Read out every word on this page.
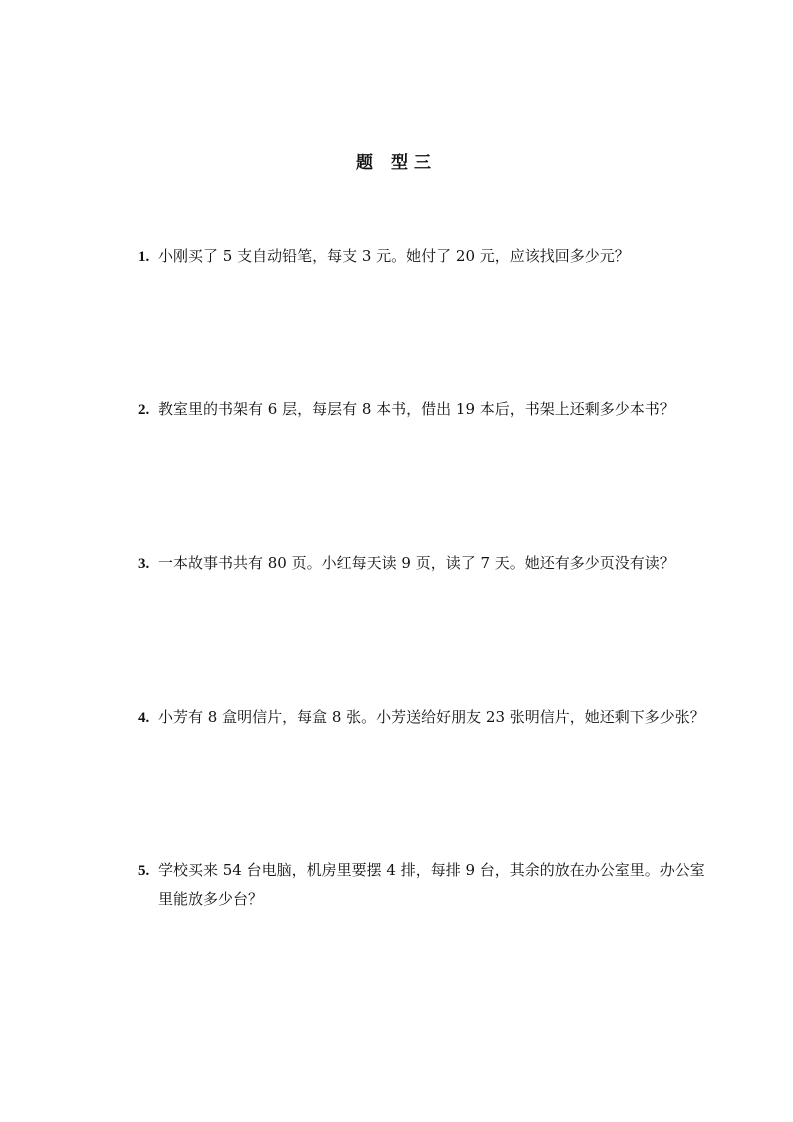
题 型三
1. 小刚买了 5 支自动铅笔，每支 3 元。她付了 20 元，应该找回多少元？
2. 教室里的书架有 6 层，每层有 8 本书，借出 19 本后，书架上还剩多少本书？
3. 一本故事书共有 80 页。小红每天读 9 页，读了 7 天。她还有多少页没有读？
4. 小芳有 8 盒明信片，每盒 8 张。小芳送给好朋友 23 张明信片，她还剩下多少张？
5. 学校买来 54 台电脑，机房里要摆 4 排，每排 9 台，其余的放在办公室里。办公室
里能放多少台？
